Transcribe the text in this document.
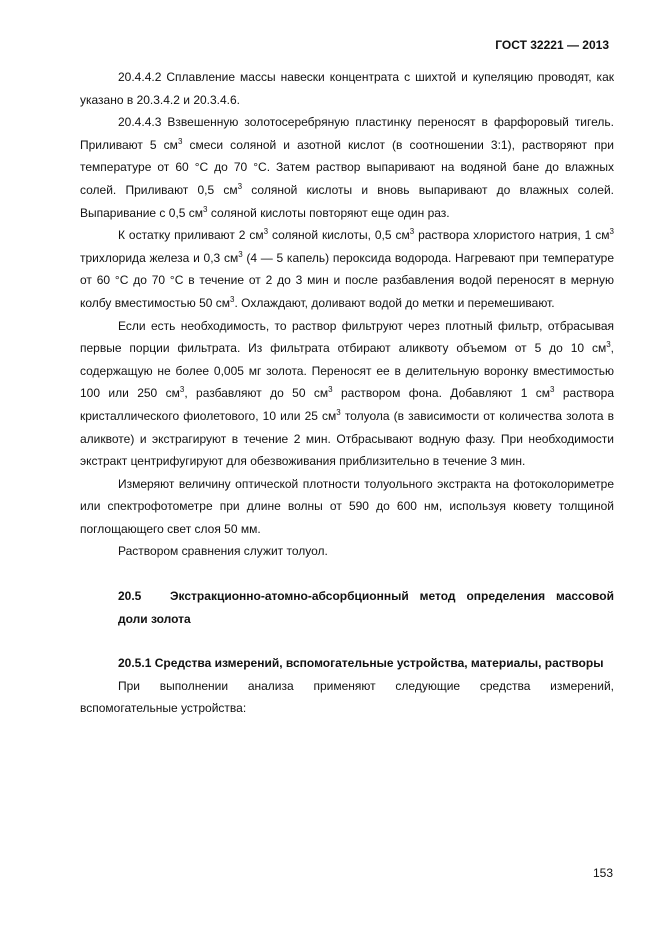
ГОСТ 32221 — 2013

20.4.4.2 Сплавление массы навески концентрата с шихтой и купеляцию проводят, как указано в 20.3.4.2 и 20.3.4.6.

20.4.4.3 Взвешенную золотосеребряную пластинку переносят в фарфоровый тигель. Приливают 5 $см^3$ смеси соляной и азотной кислот (в соотношении 3:1), растворяют при температуре от 60 °С до 70 °С. Затем раствор выпаривают на водяной бане до влажных солей. Приливают 0,5 $см^3$ соляной кислоты и вновь выпаривают до влажных солей. Выпаривание с 0,5 $см^3$ соляной кислоты повторяют еще один раз.

К остатку приливают 2 $см^3$ соляной кислоты, 0,5 $см^3$ раствора хлористого натрия, 1 $см^3$ трихлорида железа и 0,3 $см^3$ (4 — 5 капель) пероксида водорода. Нагревают при температуре от 60 °С до 70 °С в течение от 2 до 3 мин и после разбавления водой переносят в мерную колбу вместимостью 50 $см^3$. Охлаждают, доливают водой до метки и перемешивают.

Если есть необходимость, то раствор фильтруют через плотный фильтр, отбрасывая первые порции фильтрата. Из фильтрата отбирают аликвоту объемом от 5 до 10 $см^3$, содержащую не более 0,005 мг золота. Переносят ее в делительную воронку вместимостью 100 или 250 $см^3$, разбавляют до 50 $см^3$ раствором фона. Добавляют 1 $см^3$ раствора кристаллического фиолетового, 10 или 25 $см^3$ толуола (в зависимости от количества золота в аликвоте) и экстрагируют в течение 2 мин. Отбрасывают водную фазу. При необходимости экстракт центрифугируют для обезвоживания приблизительно в течение 3 мин.

Измеряют величину оптической плотности толуольного экстракта на фотоколориметре или спектрофотометре при длине волны от 590 до 600 нм, используя кювету толщиной поглощающего свет слоя 50 мм.

Раствором сравнения служит толуол.

20.5 Экстракционно-атомно-абсорбционный метод определения массовой доли золота
20.5.1 Средства измерений, вспомогательные устройства, материалы, растворы

При выполнении анализа применяют следующие средства измерений, вспомогательные устройства:

153
